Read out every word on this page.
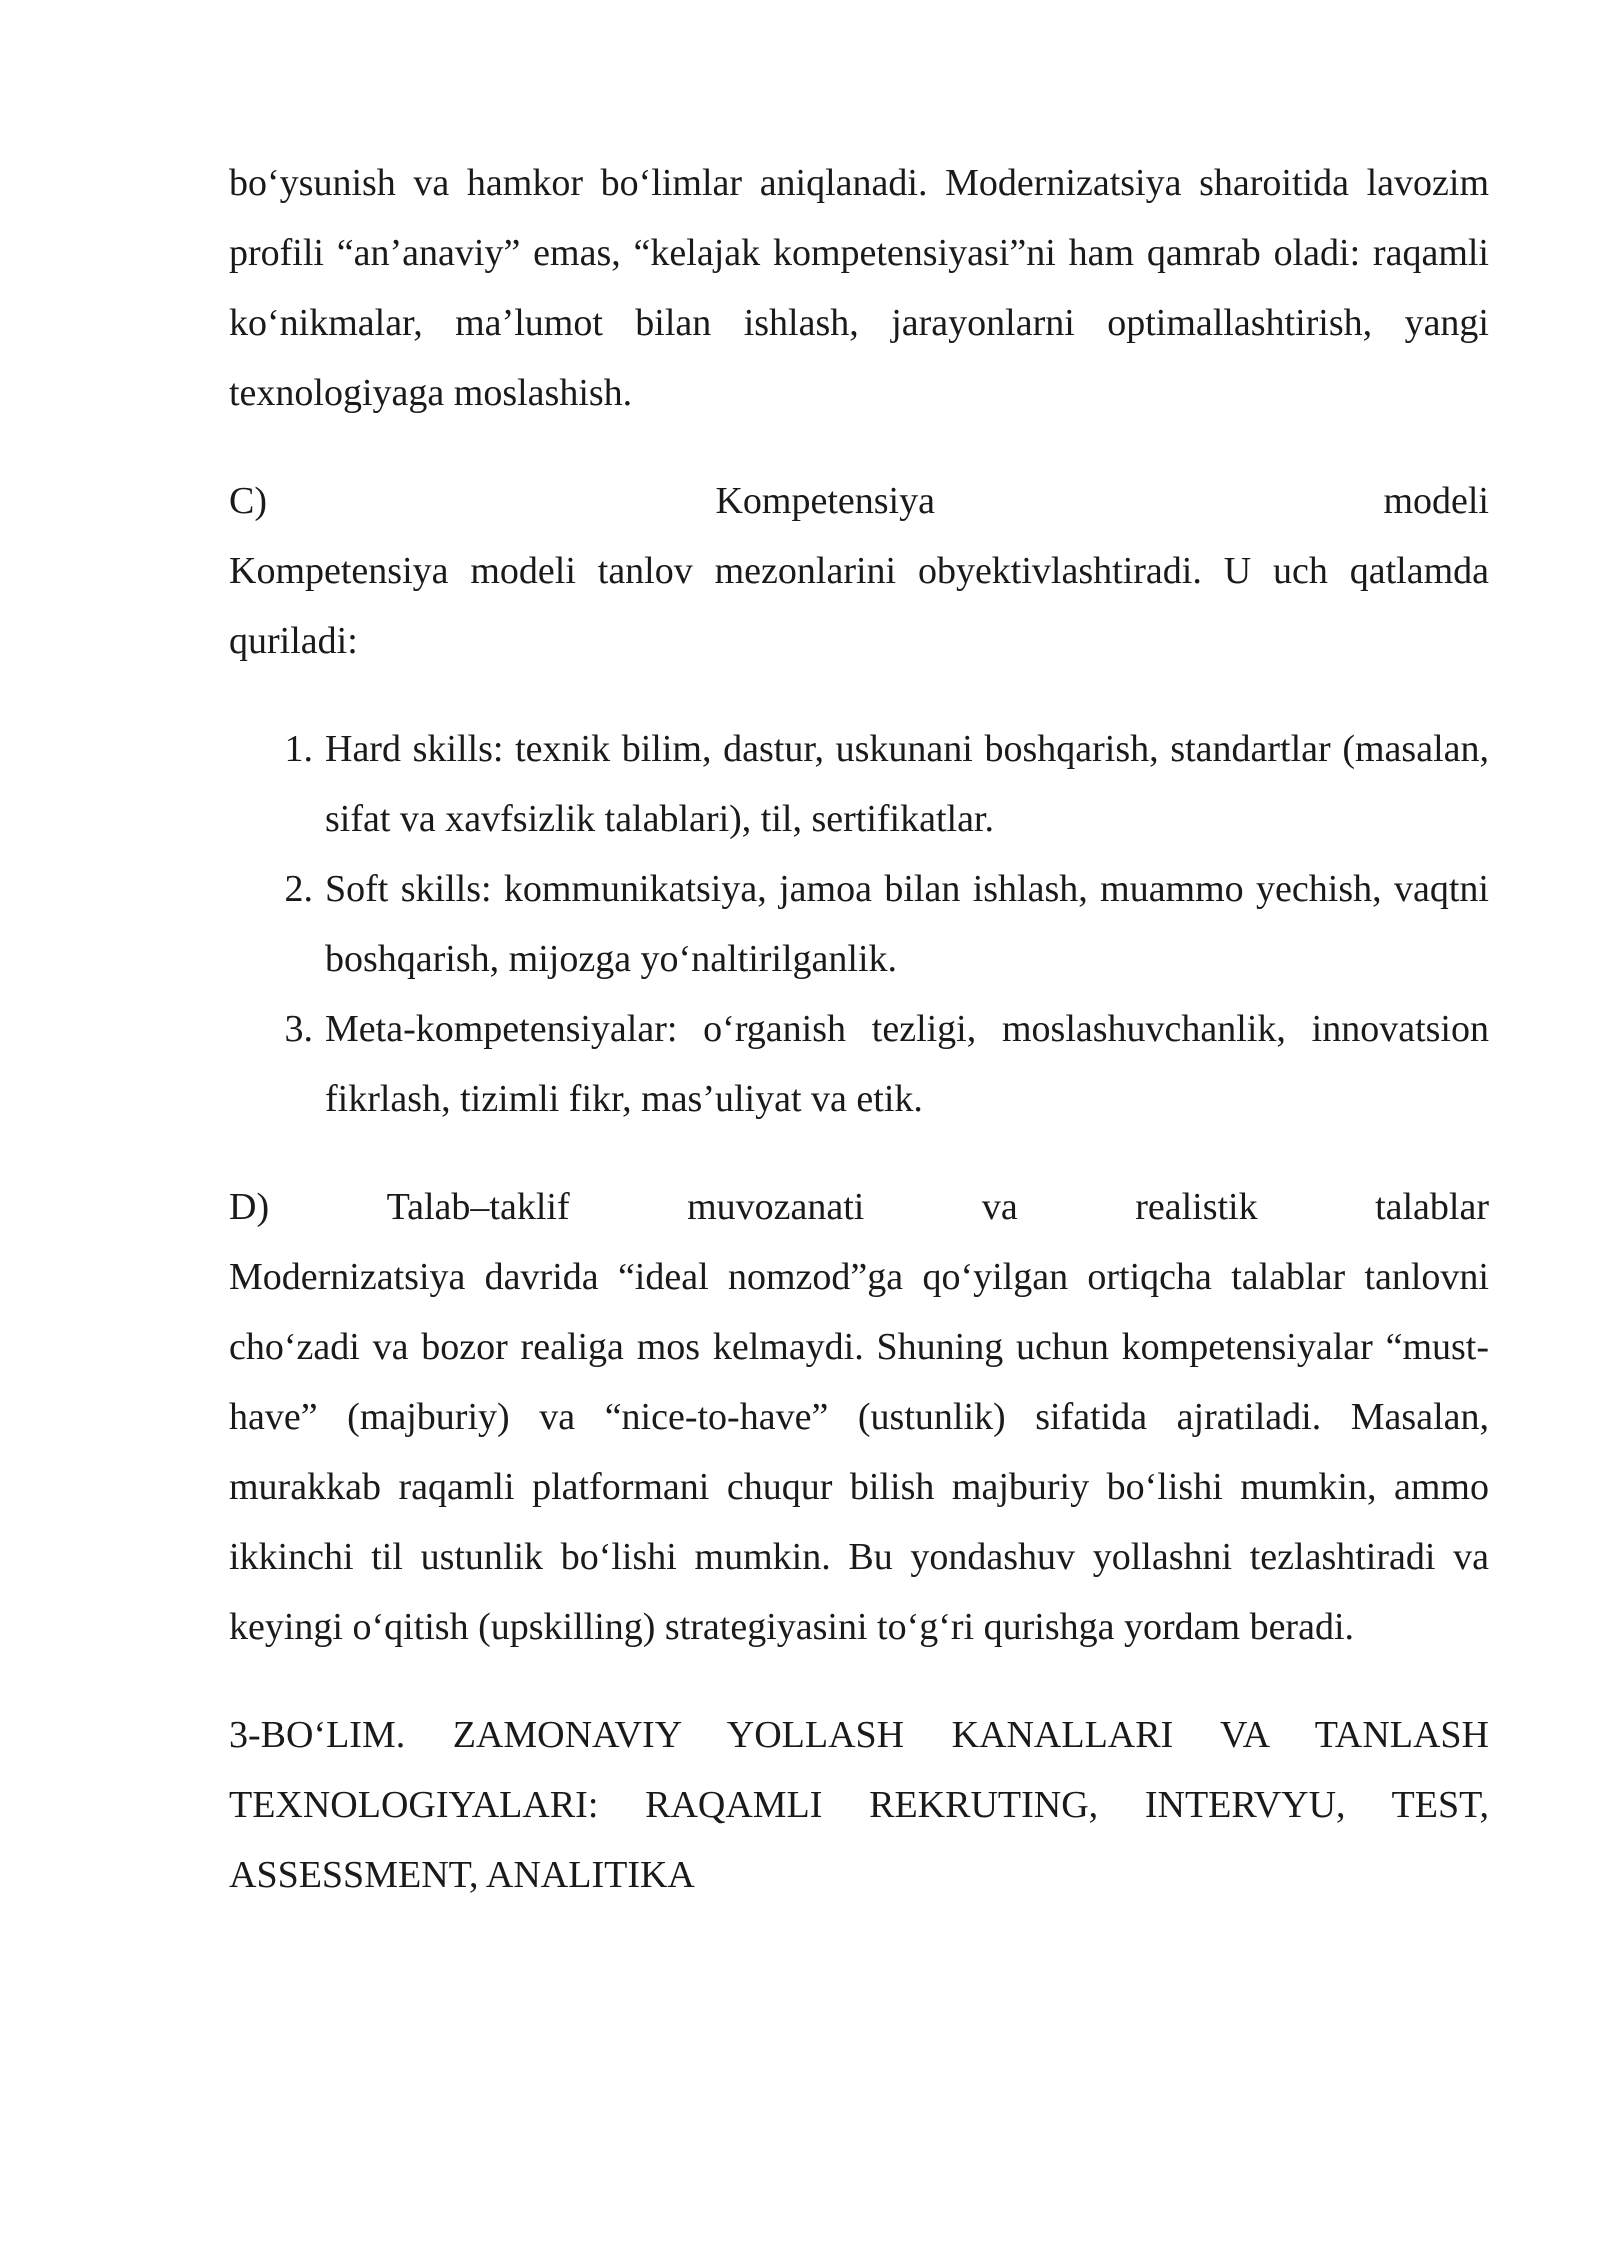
bo‘ysunish va hamkor bo‘limlar aniqlanadi. Modernizatsiya sharoitida lavozim profili “an’anaviy” emas, “kelajak kompetensiyasi”ni ham qamrab oladi: raqamli ko‘nikmalar, ma’lumot bilan ishlash, jarayonlarni optimallashtirish, yangi texnologiyaga moslashish.

C)	Kompetensiya	modeli

Kompetensiya modeli tanlov mezonlarini obyektivlashtiradi. U uch qatlamda quriladi:

1. Hard skills: texnik bilim, dastur, uskunani boshqarish, standartlar (masalan, sifat va xavfsizlik talablari), til, sertifikatlar.
2. Soft skills: kommunikatsiya, jamoa bilan ishlash, muammo yechish, vaqtni boshqarish, mijozga yo‘naltirilganlik.
3. Meta-kompetensiyalar: o‘rganish tezligi, moslashuvchanlik, innovatsion fikrlash, tizimli fikr, mas’uliyat va etik.

D)	Talab–taklif	muvozanati	va	realistik	talablar

Modernizatsiya davrida “ideal nomzod”ga qo‘yilgan ortiqcha talablar tanlovni cho‘zadi va bozor realiga mos kelmaydi. Shuning uchun kompetensiyalar “must-have” (majburiy) va “nice-to-have” (ustunlik) sifatida ajratiladi. Masalan, murakkab raqamli platformani chuqur bilish majburiy bo‘lishi mumkin, ammo ikkinchi til ustunlik bo‘lishi mumkin. Bu yondashuv yollashni tezlashtiradi va keyingi o‘qitish (upskilling) strategiyasini to‘g‘ri qurishga yordam beradi.

3-BO‘LIM. ZAMONAVIY YOLLASH KANALLARI VA TANLASH TEXNOLOGIYALARI: RAQAMLI REKRUTING, INTERVYU, TEST, ASSESSMENT, ANALITIKA
